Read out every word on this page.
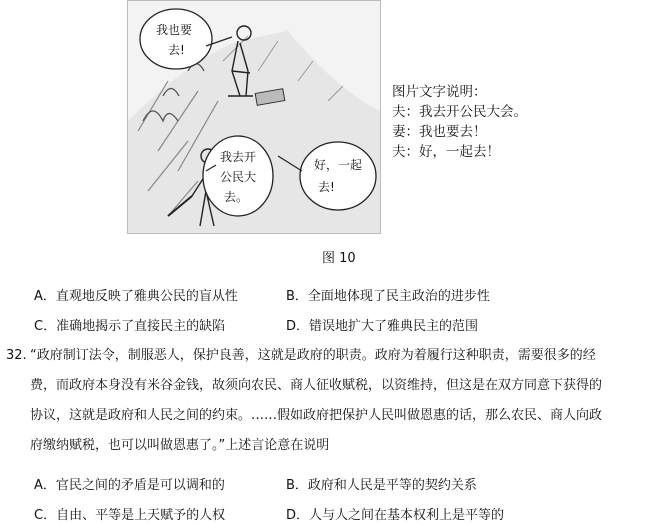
我也要
去!
我去开
公民大
去。
好，一起
去!
图片文字说明：
夫：我去开公民大会。
妻：我也要去！
夫：好，一起去！
图 10
A．直观地反映了雅典公民的盲从性	B．全面地体现了民主政治的进步性
C．准确地揭示了直接民主的缺陷	D．错误地扩大了雅典民主的范围
32. “政府制订法令，制服恶人，保护良善，这就是政府的职责。政府为着履行这种职责，需要很多的经
费，而政府本身没有米谷金钱，故须向农民、商人征收赋税，以资维持，但这是在双方同意下获得的
协议，这就是政府和人民之间的约束。……假如政府把保护人民叫做恩惠的话，那么农民、商人向政
府缴纳赋税，也可以叫做恩惠了。”上述言论意在说明
A．官民之间的矛盾是可以调和的	B．政府和人民是平等的契约关系
C．自由、平等是上天赋予的人权	D．人与人之间在基本权利上是平等的
